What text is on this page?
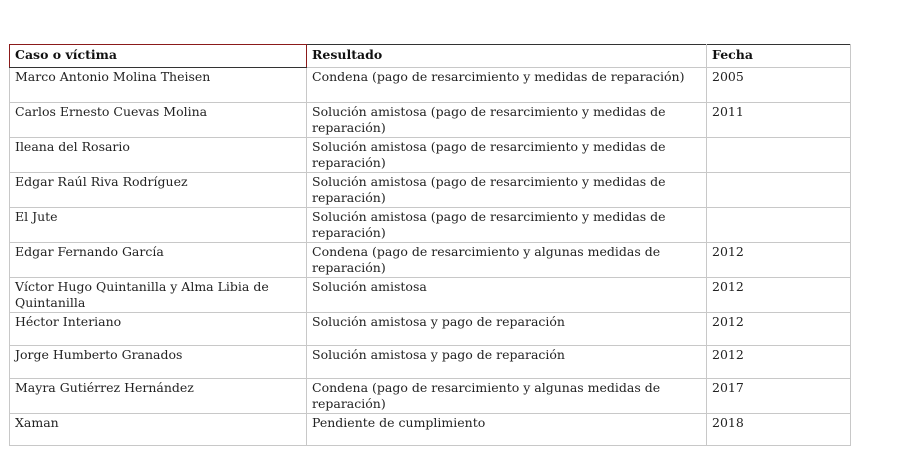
Caso o víctima	Resultado	Fecha
Marco Antonio Molina Theisen	Condena (pago de resarcimiento y medidas de reparación)	2005
Carlos Ernesto Cuevas Molina	Solución amistosa (pago de resarcimiento y medidas de reparación)	2011
Ileana del Rosario	Solución amistosa (pago de resarcimiento y medidas de reparación)	
Edgar Raúl Riva Rodríguez	Solución amistosa (pago de resarcimiento y medidas de reparación)	
El Jute	Solución amistosa (pago de resarcimiento y medidas de reparación)	
Edgar Fernando García	Condena (pago de resarcimiento y algunas medidas de reparación)	2012
Víctor Hugo Quintanilla y Alma Libia de Quintanilla	Solución amistosa	2012
Héctor Interiano	Solución amistosa y pago de reparación	2012
Jorge Humberto Granados	Solución amistosa y pago de reparación	2012
Mayra Gutiérrez Hernández	Condena (pago de resarcimiento y algunas medidas de reparación)	2017
Xaman	Pendiente de cumplimiento	2018
